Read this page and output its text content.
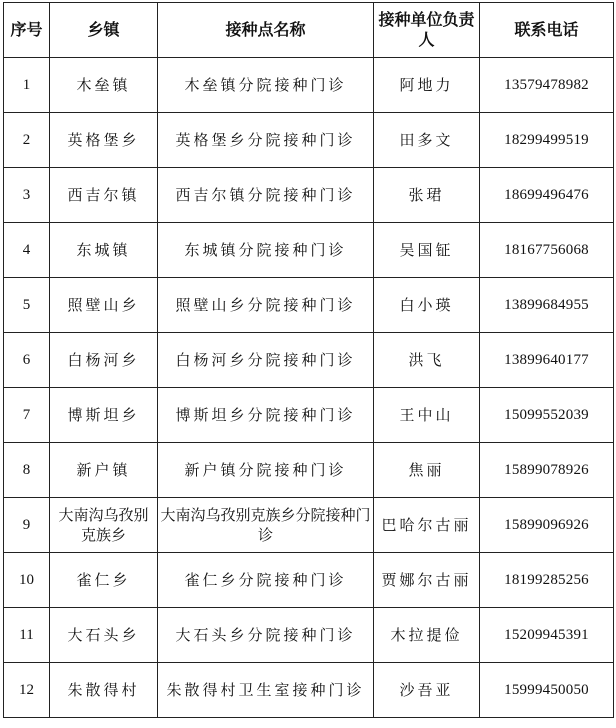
序号	乡镇	接种点名称	接种单位负责人	联系电话
1	木垒镇	木垒镇分院接种门诊	阿地力	13579478982
2	英格堡乡	英格堡乡分院接种门诊	田多文	18299499519
3	西吉尔镇	西吉尔镇分院接种门诊	张珺	18699496476
4	东城镇	东城镇分院接种门诊	吴国钲	18167756068
5	照壁山乡	照壁山乡分院接种门诊	白小瑛	13899684955
6	白杨河乡	白杨河乡分院接种门诊	洪飞	13899640177
7	博斯坦乡	博斯坦乡分院接种门诊	王中山	15099552039
8	新户镇	新户镇分院接种门诊	焦丽	15899078926
9	大南沟乌孜别克族乡	大南沟乌孜别克族乡分院接种门诊	巴哈尔古丽	15899096926
10	雀仁乡	雀仁乡分院接种门诊	贾娜尔古丽	18199285256
11	大石头乡	大石头乡分院接种门诊	木拉提俭	15209945391
12	朱散得村	朱散得村卫生室接种门诊	沙吾亚	15999450050
